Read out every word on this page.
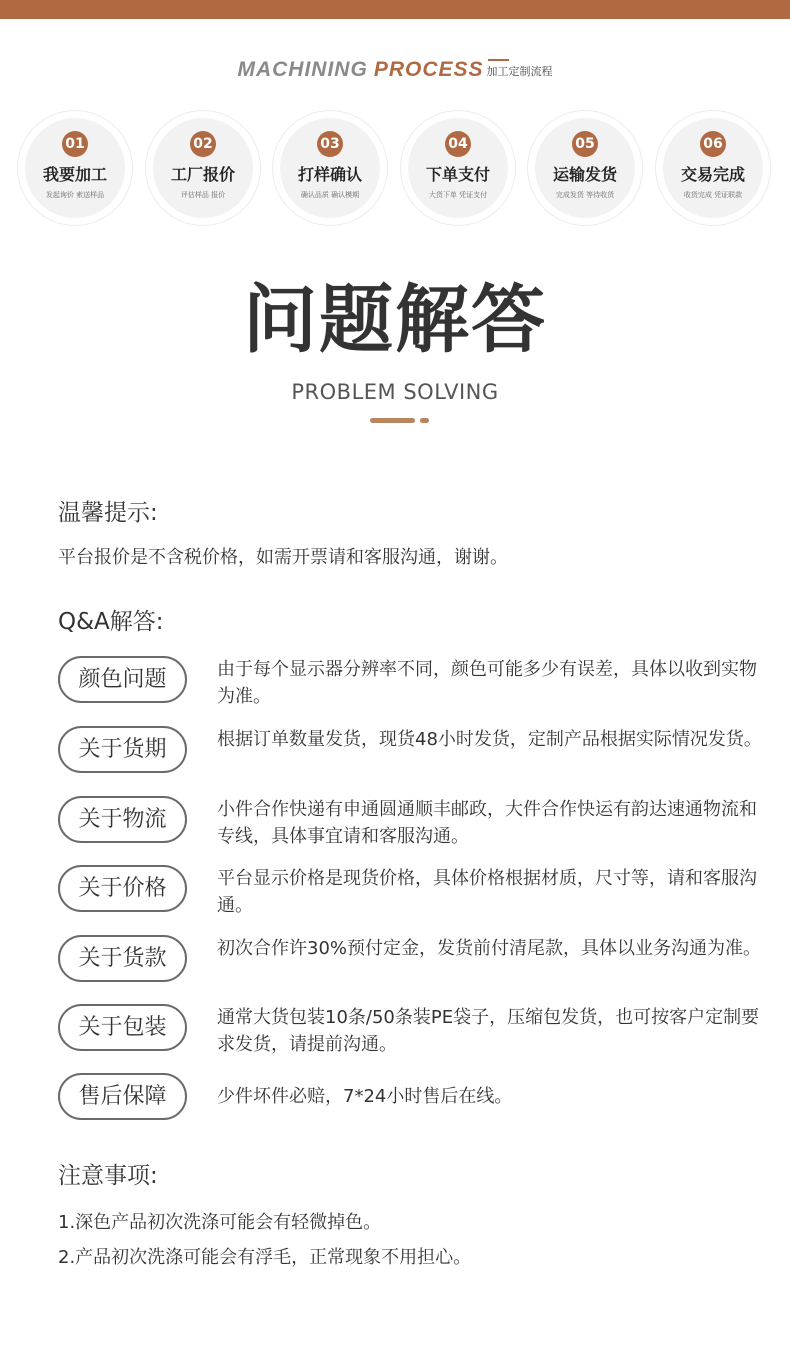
MACHINING PROCESS 加工定制流程
01
我要加工
发起询价 索送样品
02
工厂报价
评估样品 报价
03
打样确认
确认品质 确认模期
04
下单支付
大货下单 凭证支付
05
运输发货
完成发货 等待收货
06
交易完成
收货完成 凭证联款
问题解答
PROBLEM SOLVING
温馨提示:
平台报价是不含税价格，如需开票请和客服沟通，谢谢。
Q&A解答:
颜色问题	由于每个显示器分辨率不同，颜色可能多少有误差，具体以收到实物为准。
关于货期	根据订单数量发货，现货48小时发货，定制产品根据实际情况发货。
关于物流	小件合作快递有申通圆通顺丰邮政，大件合作快运有韵达速通物流和专线，具体事宜请和客服沟通。
关于价格	平台显示价格是现货价格，具体价格根据材质，尺寸等，请和客服沟通。
关于货款	初次合作许30%预付定金，发货前付清尾款，具体以业务沟通为准。
关于包装	通常大货包装10条/50条装PE袋子，压缩包发货，也可按客户定制要求发货，请提前沟通。
售后保障	少件坏件必赔，7*24小时售后在线。
注意事项:
1.深色产品初次洗涤可能会有轻微掉色。
2.产品初次洗涤可能会有浮毛，正常现象不用担心。
